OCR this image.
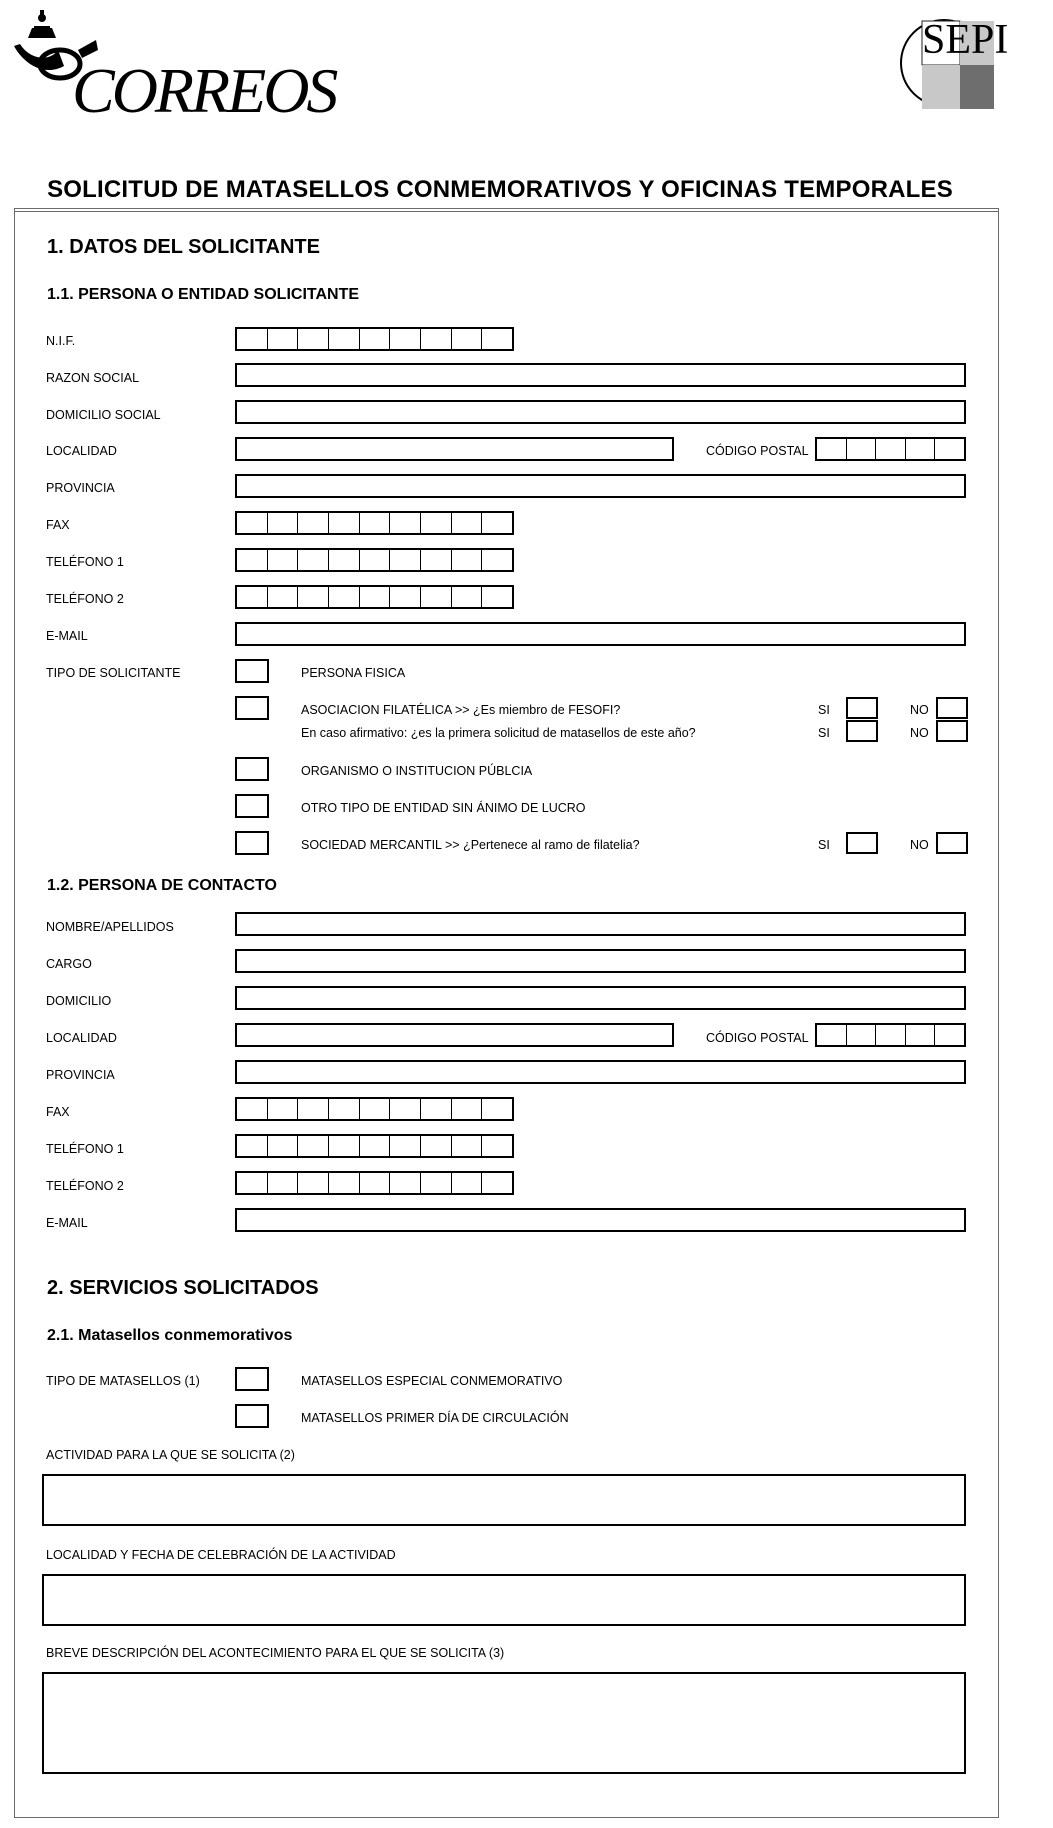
CORREOS
SEPI
SOLICITUD DE MATASELLOS CONMEMORATIVOS Y OFICINAS TEMPORALES
1. DATOS DEL SOLICITANTE
1.1. PERSONA O ENTIDAD SOLICITANTE
N.I.F.
RAZON SOCIAL
DOMICILIO SOCIAL
LOCALIDAD	CÓDIGO POSTAL
PROVINCIA
FAX
TELÉFONO 1
TELÉFONO 2
E-MAIL
TIPO DE SOLICITANTE	PERSONA FISICA
ASOCIACION FILATÉLICA >> ¿Es miembro de FESOFI?	SI	NO
En caso afirmativo: ¿es la primera solicitud de matasellos de este año?	SI	NO
ORGANISMO O INSTITUCION PÚBLCIA
OTRO TIPO DE ENTIDAD SIN ÁNIMO DE LUCRO
SOCIEDAD MERCANTIL >> ¿Pertenece al ramo de filatelia?	SI	NO
1.2. PERSONA DE CONTACTO
NOMBRE/APELLIDOS
CARGO
DOMICILIO
LOCALIDAD	CÓDIGO POSTAL
PROVINCIA
FAX
TELÉFONO 1
TELÉFONO 2
E-MAIL
2. SERVICIOS SOLICITADOS
2.1. Matasellos conmemorativos
TIPO DE MATASELLOS (1)	MATASELLOS ESPECIAL CONMEMORATIVO
MATASELLOS PRIMER DÍA DE CIRCULACIÓN
ACTIVIDAD PARA LA QUE SE SOLICITA (2)
LOCALIDAD Y FECHA DE CELEBRACIÓN DE LA ACTIVIDAD
BREVE DESCRIPCIÓN DEL ACONTECIMIENTO PARA EL QUE SE SOLICITA (3)
